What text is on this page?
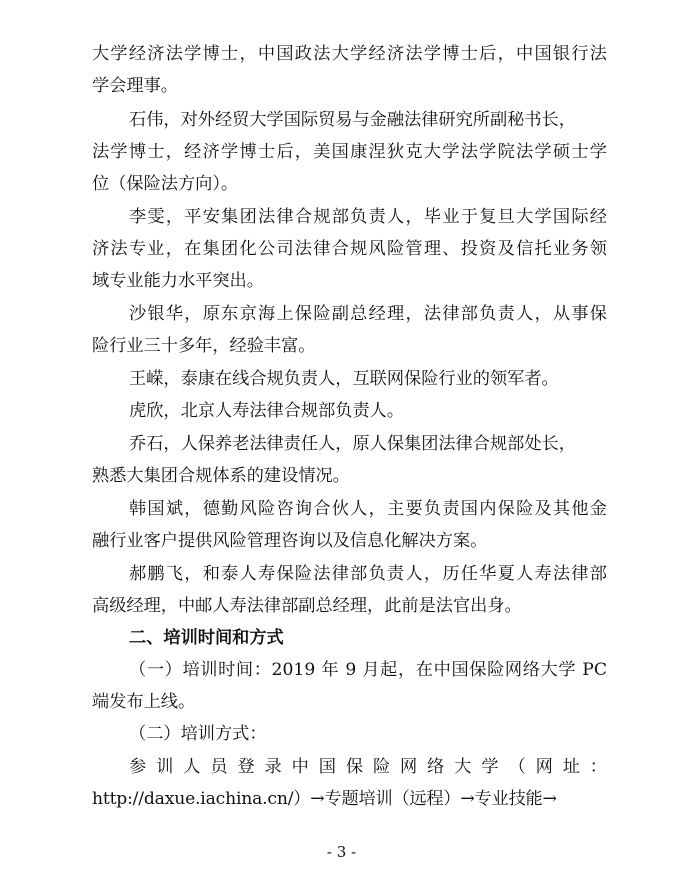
大学经济法学博士，中国政法大学经济法学博士后，中国银行法

学会理事。

石伟，对外经贸大学国际贸易与金融法律研究所副秘书长，

法学博士，经济学博士后，美国康涅狄克大学法学院法学硕士学

位（保险法方向）。

李雯，平安集团法律合规部负责人，毕业于复旦大学国际经

济法专业，在集团化公司法律合规风险管理、投资及信托业务领

域专业能力水平突出。

沙银华，原东京海上保险副总经理，法律部负责人，从事保

险行业三十多年，经验丰富。

王嵘，泰康在线合规负责人，互联网保险行业的领军者。

虎欣，北京人寿法律合规部负责人。

乔石，人保养老法律责任人，原人保集团法律合规部处长，

熟悉大集团合规体系的建设情况。

韩国斌，德勤风险咨询合伙人，主要负责国内保险及其他金

融行业客户提供风险管理咨询以及信息化解决方案。

郝鹏飞，和泰人寿保险法律部负责人，历任华夏人寿法律部

高级经理，中邮人寿法律部副总经理，此前是法官出身。

二、培训时间和方式

（一）培训时间：2019 年 9 月起，在中国保险网络大学 PC

端发布上线。

（二）培训方式：

参训人员登录中国保险网络大学（网址：

http://daxue.iachina.cn/）→专题培训（远程）→专业技能→

- 3 -
